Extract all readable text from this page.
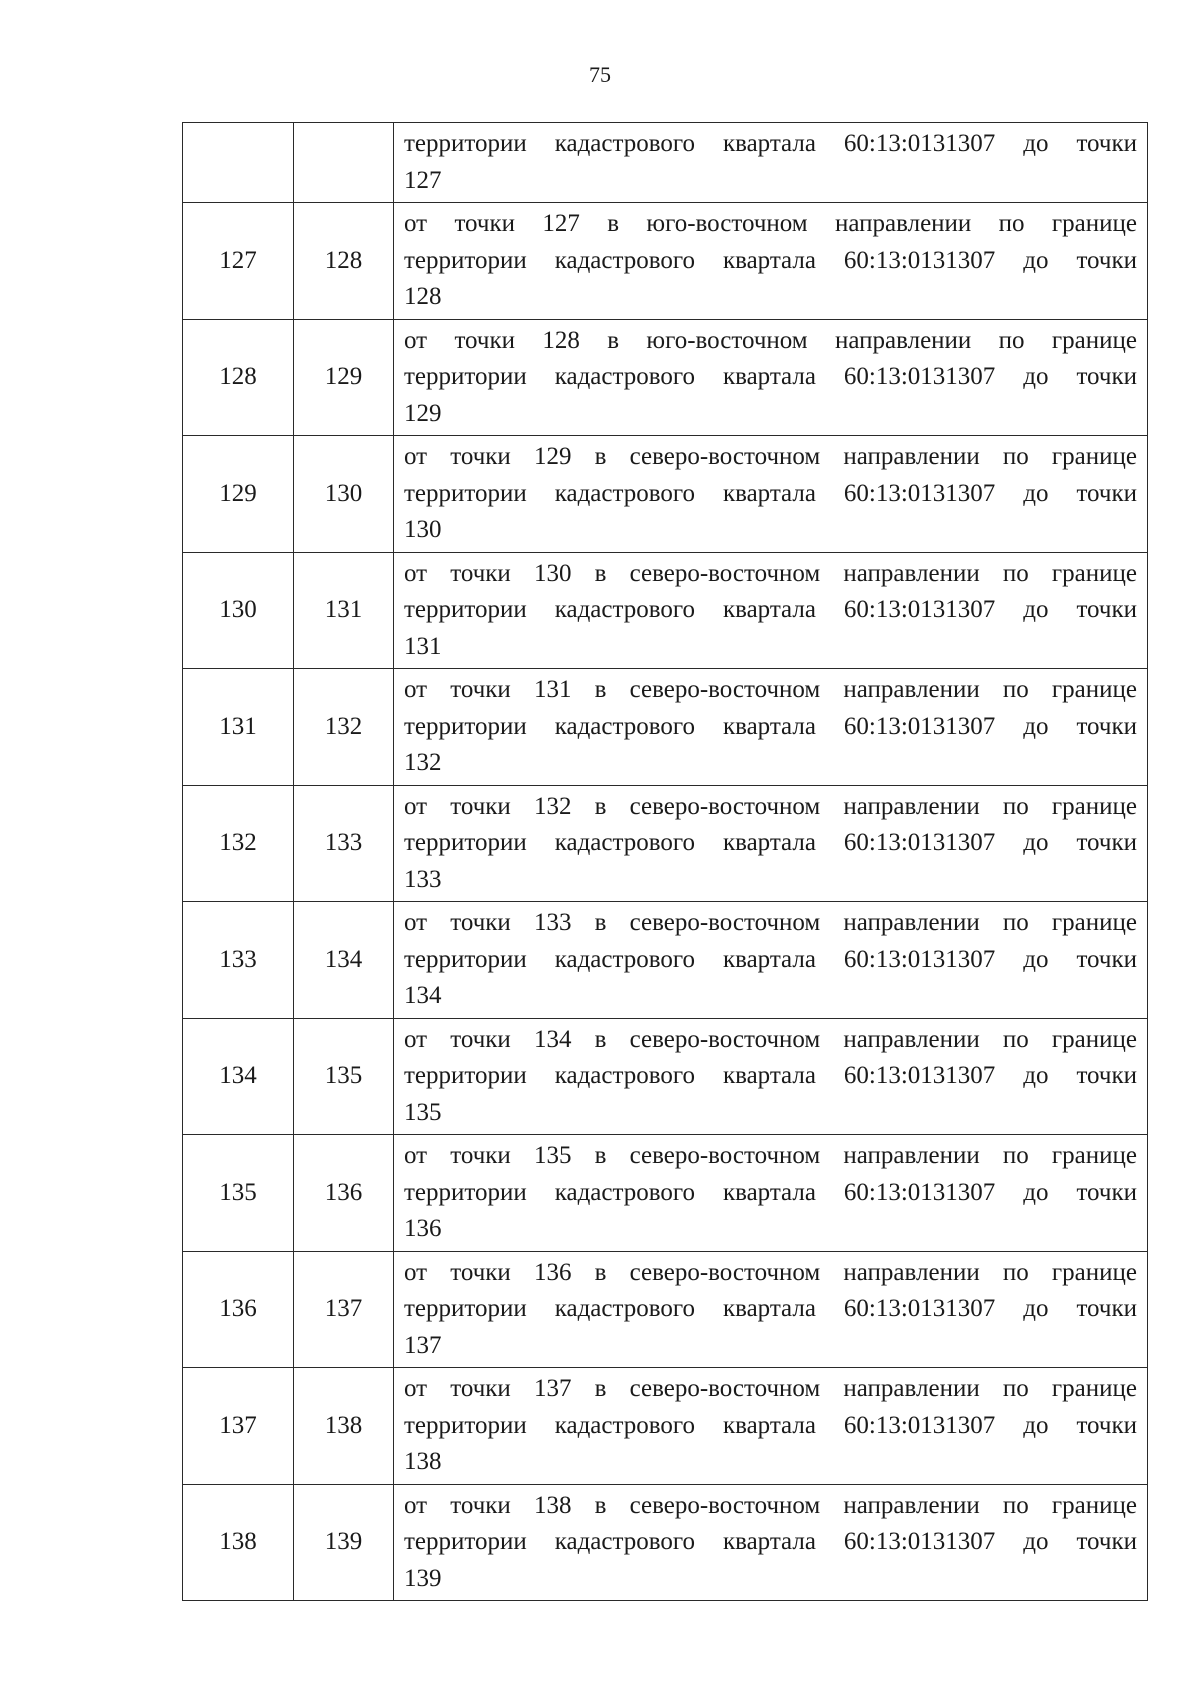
75

		территории кадастрового квартала 60:13:0131307 до точки
127

127	128	от точки 127 в юго-восточном направлении по границе
территории кадастрового квартала 60:13:0131307 до точки
128

128	129	от точки 128 в юго-восточном направлении по границе
территории кадастрового квартала 60:13:0131307 до точки
129

129	130	от точки 129 в северо-восточном направлении по границе
территории кадастрового квартала 60:13:0131307 до точки
130

130	131	от точки 130 в северо-восточном направлении по границе
территории кадастрового квартала 60:13:0131307 до точки
131

131	132	от точки 131 в северо-восточном направлении по границе
территории кадастрового квартала 60:13:0131307 до точки
132

132	133	от точки 132 в северо-восточном направлении по границе
территории кадастрового квартала 60:13:0131307 до точки
133

133	134	от точки 133 в северо-восточном направлении по границе
территории кадастрового квартала 60:13:0131307 до точки
134

134	135	от точки 134 в северо-восточном направлении по границе
территории кадастрового квартала 60:13:0131307 до точки
135

135	136	от точки 135 в северо-восточном направлении по границе
территории кадастрового квартала 60:13:0131307 до точки
136

136	137	от точки 136 в северо-восточном направлении по границе
территории кадастрового квартала 60:13:0131307 до точки
137

137	138	от точки 137 в северо-восточном направлении по границе
территории кадастрового квартала 60:13:0131307 до точки
138

138	139	от точки 138 в северо-восточном направлении по границе
территории кадастрового квартала 60:13:0131307 до точки
139
